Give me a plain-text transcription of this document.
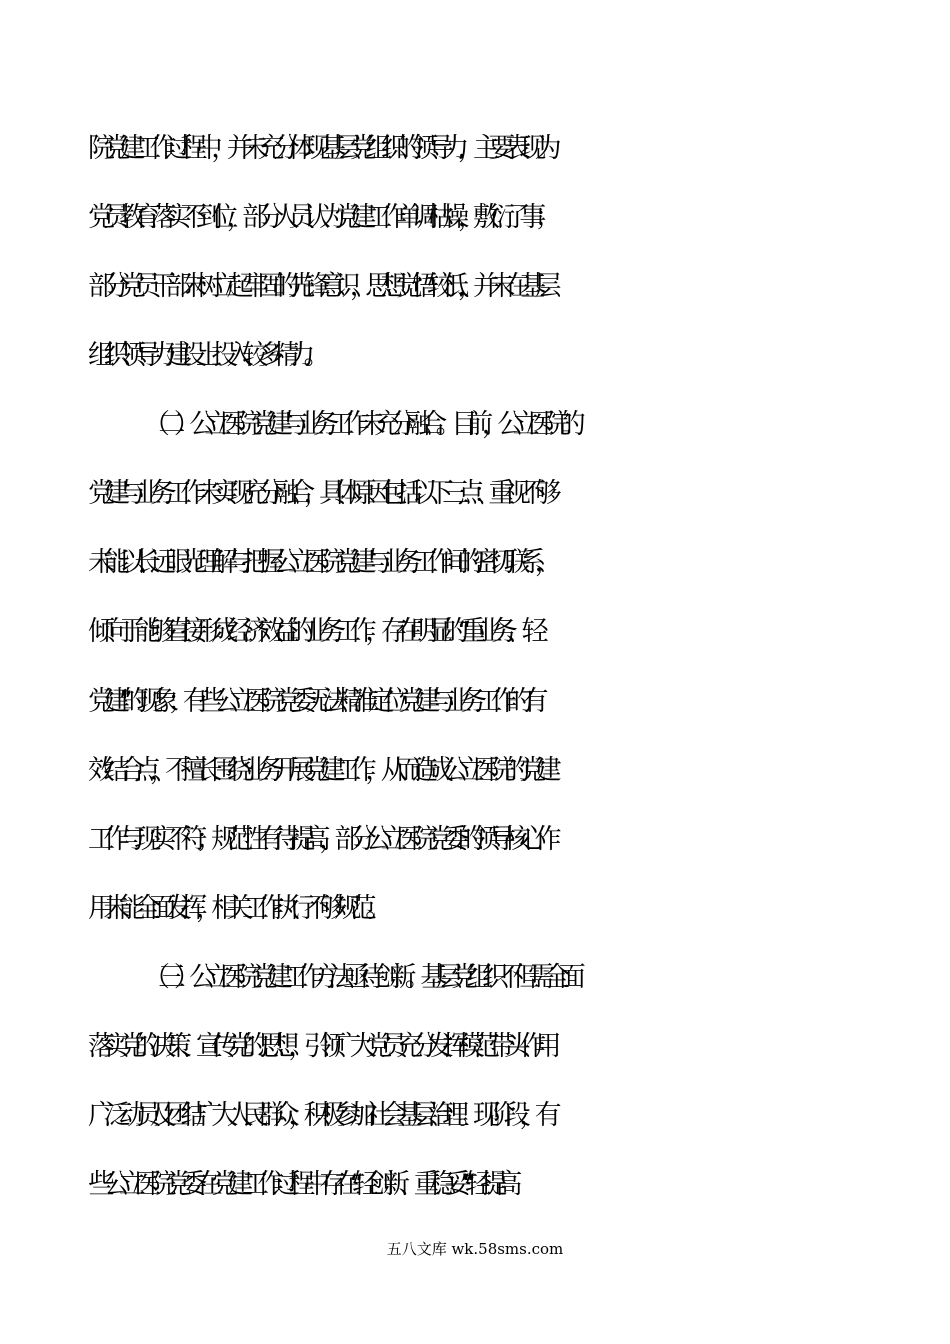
院党建工作过程中，并未充分体现基层党组织的领导力，主要表现为
党员教育落实不到位，部分人员认为党建工作单调枯燥，敷衍了事；
部分党员干部未树立起牢固的先锋意识，思想觉悟较低，并未在基层
组织领导力建设上投入较多精力。
（二）公立医院党建与业务工作未充分融合。目前，公立医院的
党建与业务工作未实现充分融合，具体原因包括以下三点：重视不够
未能以长远眼光理解与把握公立医院党建与业务工作间的密切联系，
倾向于能够直接形成经济效益的业务工作，存在明显的“重业务、轻
党建”的现象；有些公立医院党委无法精准定位党建与业务工作的有
效结合点，不擅长围绕业务开展党建工作，从而造成公立医院的党建
工作与现实不符；规范性有待提高，部分公立医院党委的领导核心作
用未能全面发挥，相关工作执行不够规范。
（三）公立医院党建工作方法亟待创新。基层党组织不但需全面
落实党的决策、宣传党的思想，引领广大党员充分发挥模范带头作用
广泛动员及团结广大人民群众，积极参加社会基层治理。现阶段，有
些公立医院党委在党建工作过程中存在“轻创新、重稳妥”“轻提高
五八文库 wk.58sms.com
